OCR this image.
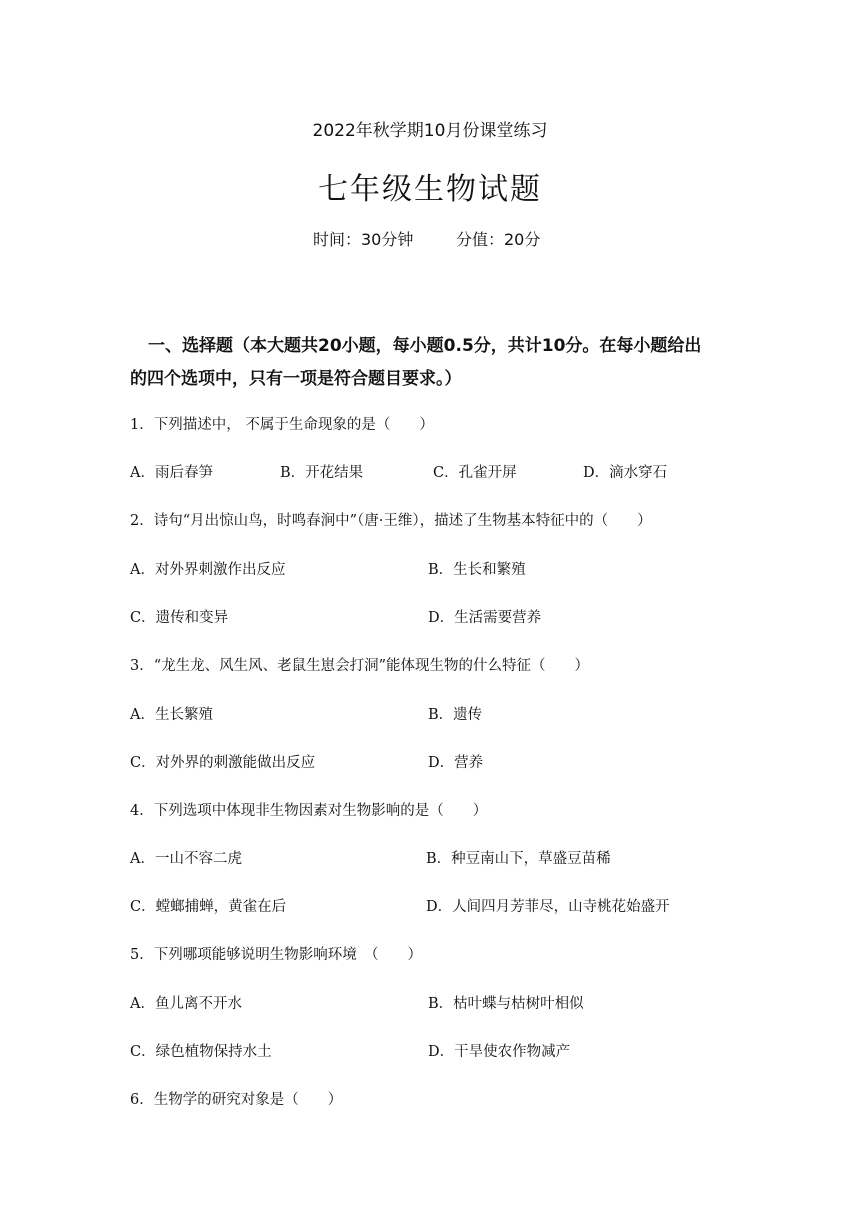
2022年秋学期10月份课堂练习
七年级生物试题
时间：30分钟	分值：20分
一、选择题（本大题共20小题，每小题0.5分，共计10分。在每小题给出
的四个选项中，只有一项是符合题目要求。）
1．下列描述中， 不属于生命现象的是（　　）
A．雨后春笋	B．开花结果	C．孔雀开屏	D．滴水穿石
2．诗句“月出惊山鸟，时鸣春涧中”（唐·王维），描述了生物基本特征中的（　　）
A．对外界刺激作出反应	B．生长和繁殖
C．遗传和变异	D．生活需要营养
3．“龙生龙、风生风、老鼠生崽会打洞”能体现生物的什么特征（　　）
A．生长繁殖	B．遗传
C．对外界的刺激能做出反应	D．营养
4．下列选项中体现非生物因素对生物影响的是（　　）
A．一山不容二虎	B．种豆南山下，草盛豆苗稀
C．螳螂捕蝉，黄雀在后	D．人间四月芳菲尽，山寺桃花始盛开
5．下列哪项能够说明生物影响环境　（　　）
A．鱼儿离不开水	B．枯叶蝶与枯树叶相似
C．绿色植物保持水土	D．干旱使农作物减产
6．生物学的研究对象是（　　）
